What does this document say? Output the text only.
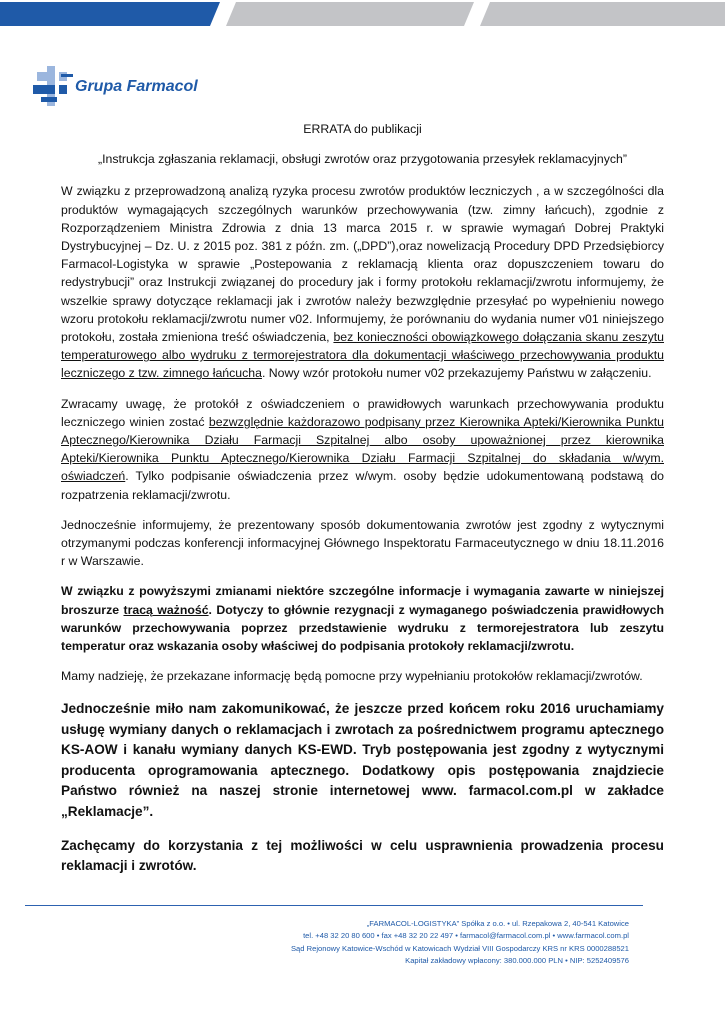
Grupa Farmacol

ERRATA do publikacji

„Instrukcja zgłaszania reklamacji, obsługi zwrotów oraz przygotowania przesyłek reklamacyjnych”

W związku z przeprowadzoną analizą ryzyka procesu zwrotów produktów leczniczych , a w szczególności dla produktów wymagających szczególnych warunków przechowywania (tzw. zimny łańcuch), zgodnie z Rozporządzeniem Ministra Zdrowia z dnia 13 marca 2015 r. w sprawie wymagań Dobrej Praktyki Dystrybucyjnej – Dz. U. z 2015 poz. 381 z późn. zm. („DPD”),oraz nowelizacją Procedury DPD Przedsiębiorcy Farmacol-Logistyka w sprawie „Postepowania z reklamacją klienta oraz dopuszczeniem towaru do redystrybucji” oraz Instrukcji związanej do procedury jak i formy protokołu reklamacji/zwrotu informujemy, że wszelkie sprawy dotyczące reklamacji jak i zwrotów należy bezwzględnie przesyłać po wypełnieniu nowego wzoru protokołu reklamacji/zwrotu numer v02. Informujemy, że porównaniu do wydania numer v01 niniejszego protokołu, została zmieniona treść oświadczenia, bez konieczności obowiązkowego dołączania skanu zeszytu temperaturowego albo wydruku z termorejestratora dla dokumentacji właściwego przechowywania produktu leczniczego z tzw. zimnego łańcucha. Nowy wzór protokołu numer v02 przekazujemy Państwu w załączeniu.

Zwracamy uwagę, że protokół z oświadczeniem o prawidłowych warunkach przechowywania produktu leczniczego winien zostać bezwzględnie każdorazowo podpisany przez Kierownika Apteki/Kierownika Punktu Aptecznego/Kierownika Działu Farmacji Szpitalnej albo osoby upoważnionej przez kierownika Apteki/Kierownika Punktu Aptecznego/Kierownika Działu Farmacji Szpitalnej do składania w/wym. oświadczeń. Tylko podpisanie oświadczenia przez w/wym. osoby będzie udokumentowaną podstawą do rozpatrzenia reklamacji/zwrotu.

Jednocześnie informujemy, że prezentowany sposób dokumentowania zwrotów jest zgodny z wytycznymi otrzymanymi podczas konferencji informacyjnej Głównego Inspektoratu Farmaceutycznego w dniu 18.11.2016 r w Warszawie.

W związku z powyższymi zmianami niektóre szczególne informacje i wymagania zawarte w niniejszej broszurze tracą ważność. Dotyczy to głównie rezygnacji z wymaganego poświadczenia prawidłowych warunków przechowywania poprzez przedstawienie wydruku z termorejestratora lub zeszytu temperatur oraz wskazania osoby właściwej do podpisania protokoły reklamacji/zwrotu.

Mamy nadzieję, że przekazane informację będą pomocne przy wypełnianiu protokołów reklamacji/zwrotów.

Jednocześnie miło nam zakomunikować, że jeszcze przed końcem roku 2016 uruchamiamy usługę wymiany danych o reklamacjach i zwrotach za pośrednictwem programu aptecznego KS-AOW i kanału wymiany danych KS-EWD. Tryb postępowania jest zgodny z wytycznymi producenta oprogramowania aptecznego. Dodatkowy opis postępowania znajdziecie Państwo również na naszej stronie internetowej www. farmacol.com.pl w zakładce „Reklamacje”.

Zachęcamy do korzystania z tej możliwości w celu usprawnienia prowadzenia procesu reklamacji i zwrotów.

„FARMACOL-LOGISTYKA” Spółka z o.o. • ul. Rzepakowa 2, 40-541 Katowice
tel. +48 32 20 80 600 • fax +48 32 20 22 497 • farmacol@farmacol.com.pl • www.farmacol.com.pl
Sąd Rejonowy Katowice-Wschód w Katowicach Wydział VIII Gospodarczy KRS nr KRS 0000288521
Kapitał zakładowy wpłacony: 380.000.000 PLN • NIP: 5252409576
